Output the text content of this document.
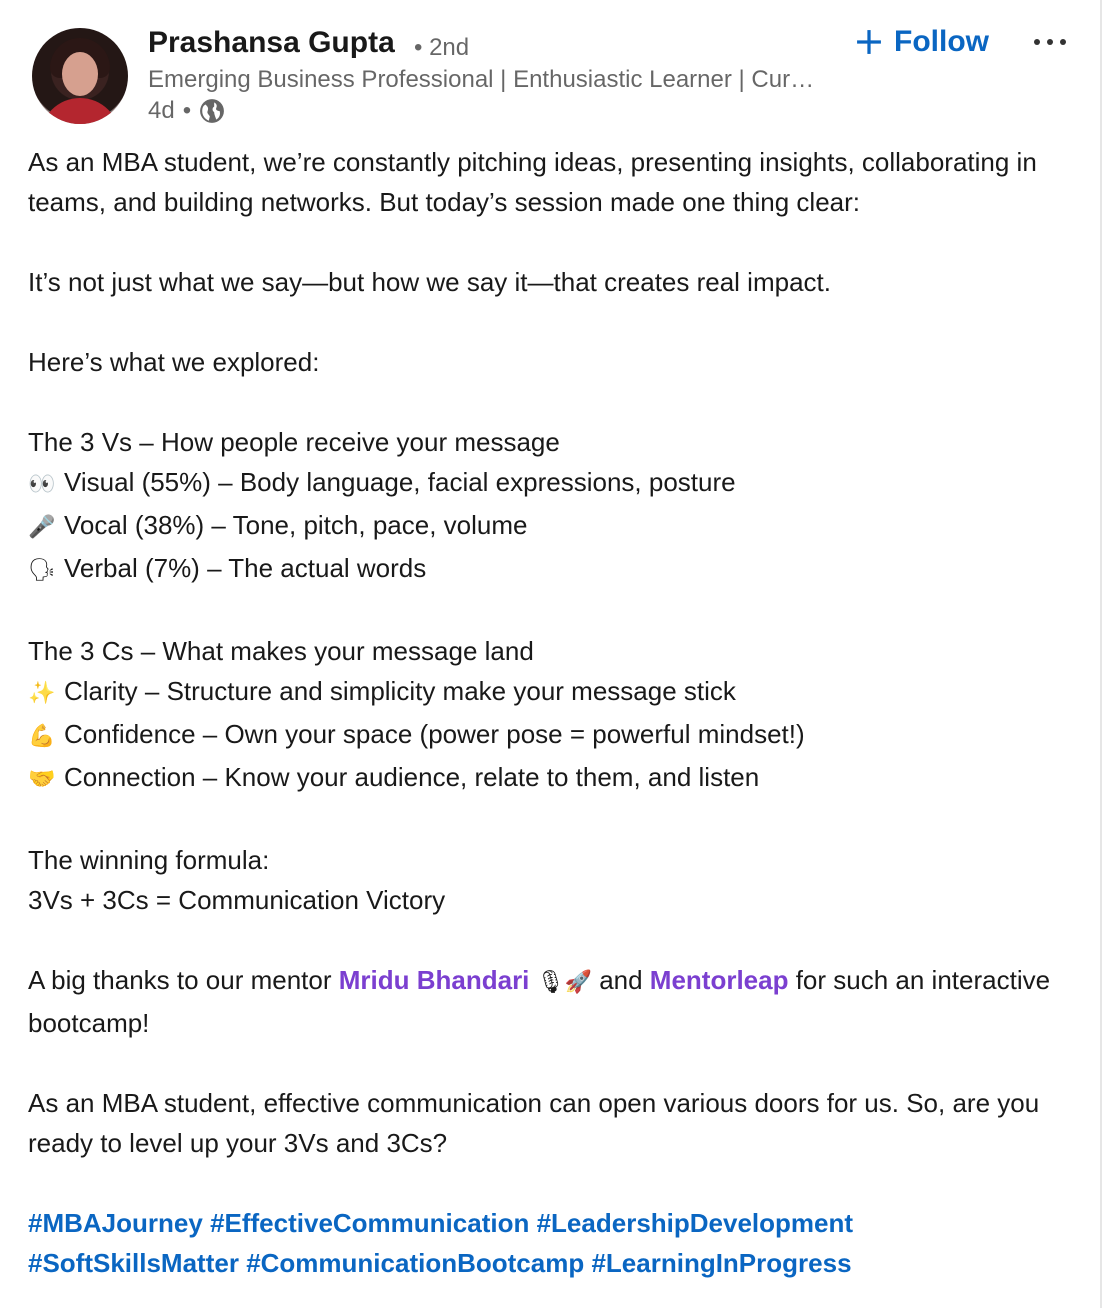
Prashansa Gupta • 2nd
Emerging Business Professional | Enthusiastic Learner | Cur…
4d •
Follow

As an MBA student, we’re constantly pitching ideas, presenting insights, collaborating in teams, and building networks. But today’s session made one thing clear:

It’s not just what we say—but how we say it—that creates real impact.

Here’s what we explored:

The 3 Vs – How people receive your message

👀 Visual (55%) – Body language, facial expressions, posture

🎤 Vocal (38%) – Tone, pitch, pace, volume

🗣 Verbal (7%) – The actual words

The 3 Cs – What makes your message land

✨ Clarity – Structure and simplicity make your message stick

💪 Confidence – Own your space (power pose = powerful mindset!)

🤝 Connection – Know your audience, relate to them, and listen

The winning formula:

3Vs + 3Cs = Communication Victory

A big thanks to our mentor Mridu Bhandari 🎙🚀 and Mentorleap for such an interactive bootcamp!

As an MBA student, effective communication can open various doors for us. So, are you ready to level up your 3Vs and 3Cs?

#MBAJourney #EffectiveCommunication #LeadershipDevelopment
#SoftSkillsMatter #CommunicationBootcamp #LearningInProgress
